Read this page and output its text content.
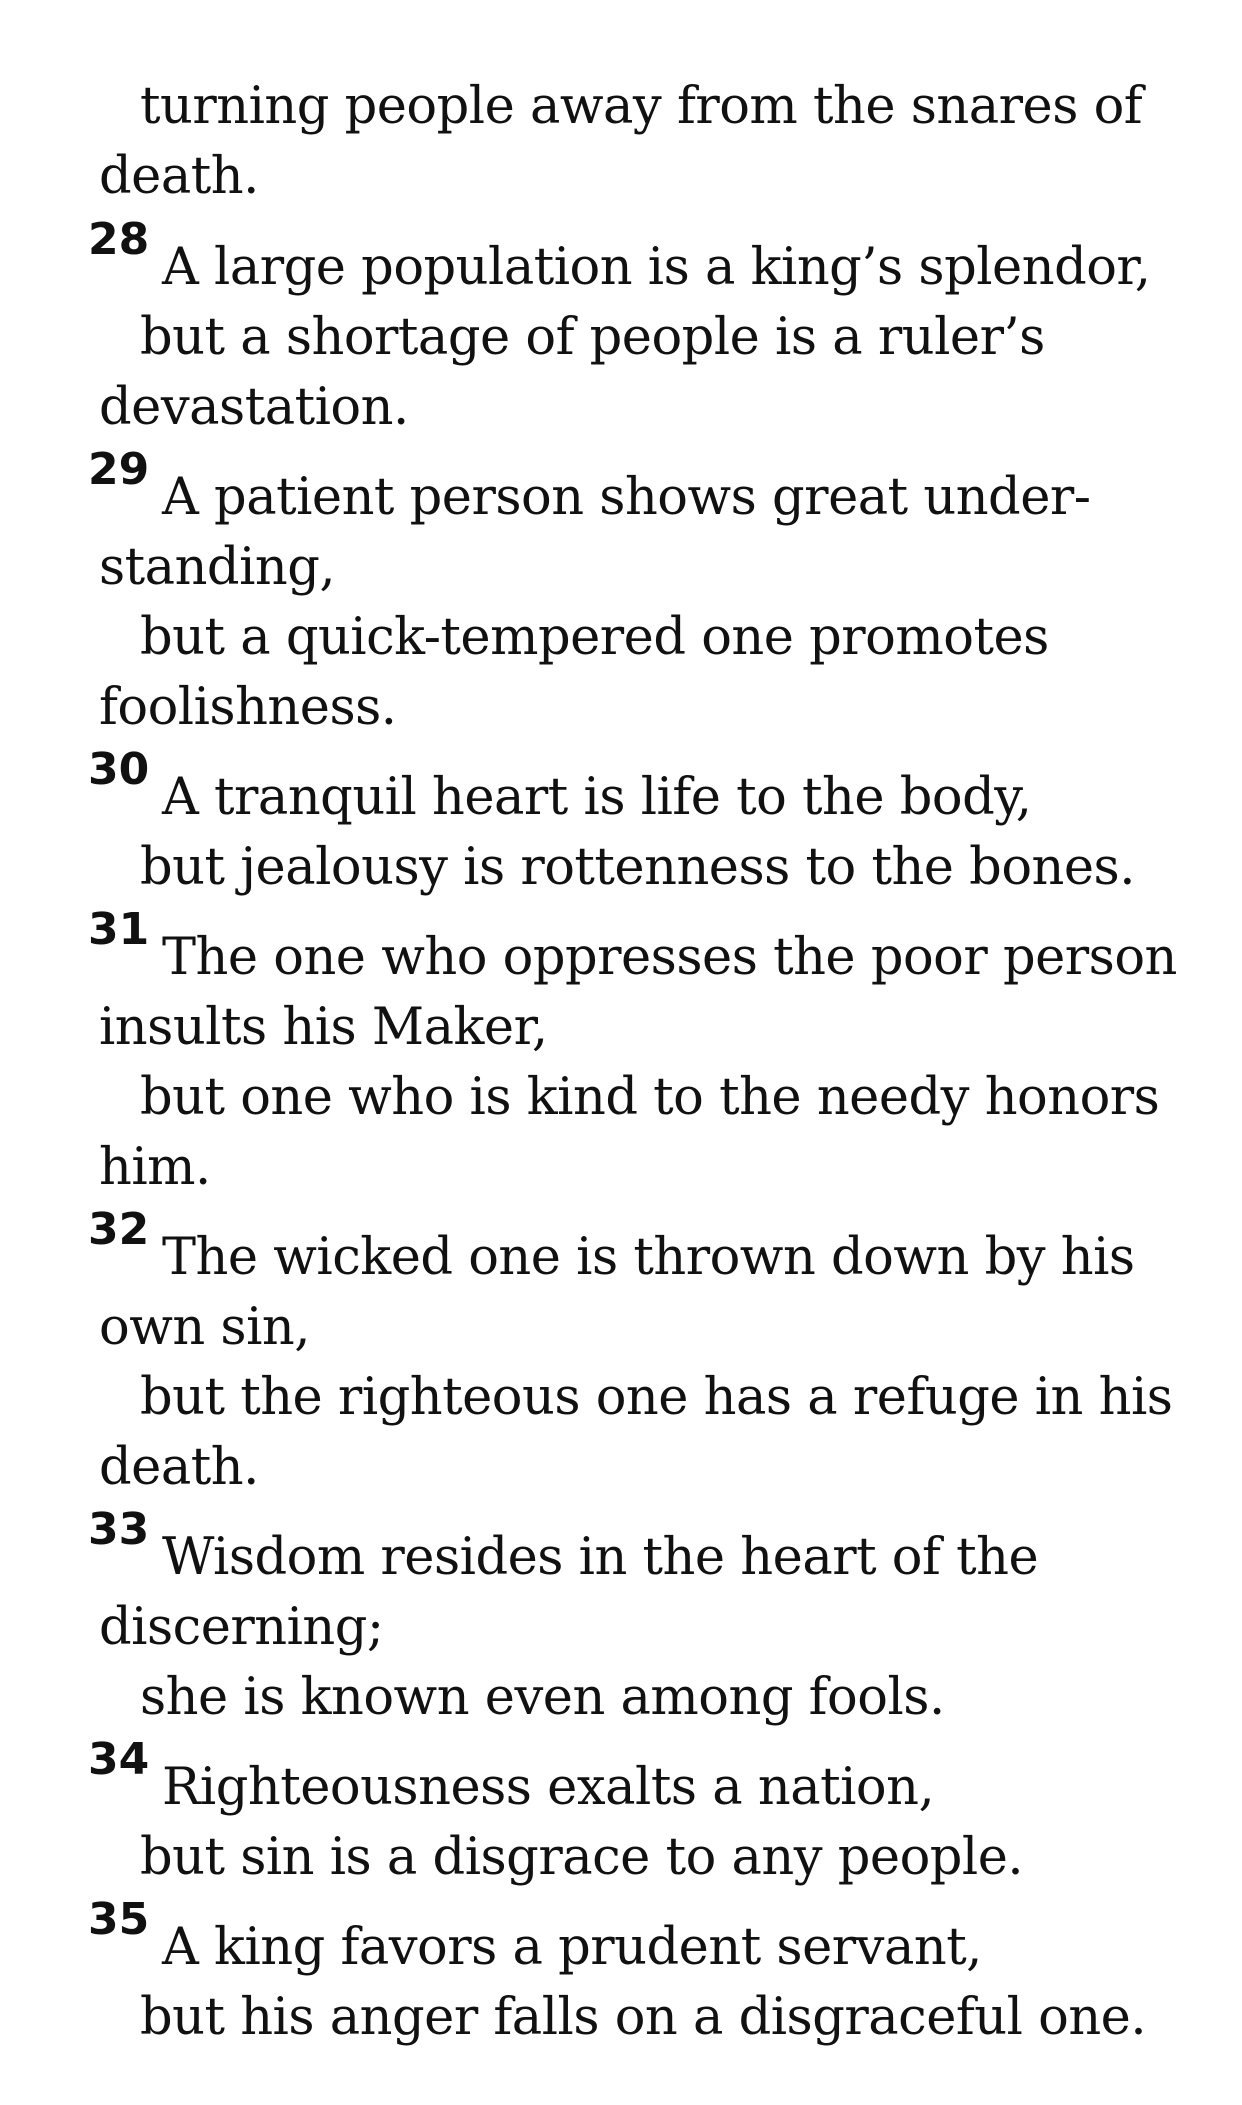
turning people away from the snares of
death.
28 A large population is a king’s splendor,
but a shortage of people is a ruler’s
devastation.
29 A patient person shows great under-
standing,
but a quick-tempered one promotes
foolishness.
30 A tranquil heart is life to the body,
but jealousy is rottenness to the bones.
31 The one who oppresses the poor person
insults his Maker,
but one who is kind to the needy honors
him.
32 The wicked one is thrown down by his
own sin,
but the righteous one has a refuge in his
death.
33 Wisdom resides in the heart of the
discerning;
she is known even among fools.
34 Righteousness exalts a nation,
but sin is a disgrace to any people.
35 A king favors a prudent servant,
but his anger falls on a disgraceful one.
